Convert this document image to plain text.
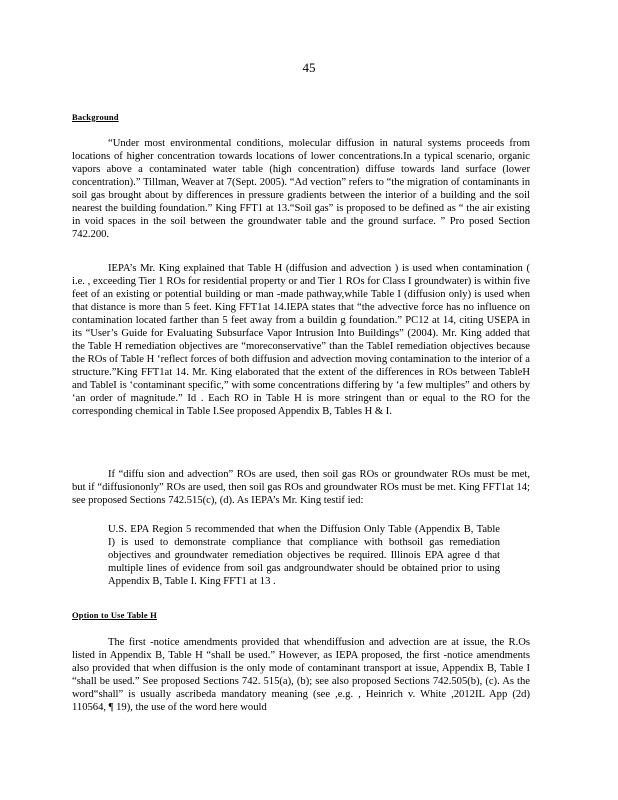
45
Background

“Under most environmental conditions, molecular diffusion in natural systems proceeds from locations of higher concentration towards locations of lower concentrations.In a typical scenario, organic vapors above a contaminated water table (high concentration) diffuse towards land surface (lower concentration).” Tillman, Weaver at 7(Sept. 2005). “Ad vection” refers to “the migration of contaminants in soil gas brought about by differences in pressure gradients between the interior of a building and the soil nearest the building foundation.” King FFT1 at 13.“Soil gas” is proposed to be defined as “ the air existing in void spaces in the soil between the groundwater table and the ground surface. ” Pro posed Section 742.200.

IEPA’s Mr. King explained that Table H (diffusion and advection ) is used when contamination ( i.e. , exceeding Tier 1 ROs for residential property or and Tier 1 ROs for Class I groundwater) is within five feet of an existing or potential building or man -made pathway,while Table I (diffusion only) is used when that distance is more than 5 feet. King FFT1at 14.IEPA states that “the advective force has no influence on contamination located farther than 5 feet away from a buildin g foundation.” PC12 at 14, citing USEPA in its “User’s Guide for Evaluating Subsurface Vapor Intrusion Into Buildings” (2004). Mr. King added that the Table H remediation objectives are “moreconservative” than the TableI remediation objectives because the ROs of Table H ‘reflect forces of both diffusion and advection moving contamination to the interior of a structure.”King FFT1at 14. Mr. King elaborated that the extent of the differences in ROs between TableH and TableI is ‘contaminant specific,” with some concentrations differing by ‘a few multiples” and others by ‘an order of magnitude.” Id . Each RO in Table H is more stringent than or equal to the RO for the corresponding chemical in Table I.See proposed Appendix B, Tables H & I.

If “diffu sion and advection” ROs are used, then soil gas ROs or groundwater ROs must be met, but if “diffusiononly” ROs are used, then soil gas ROs and groundwater ROs must be met. King FFT1at 14; see proposed Sections 742.515(c), (d). As IEPA’s Mr. King testif ied:

U.S. EPA Region 5 recommended that when the Diffusion Only Table (Appendix B, Table I) is used to demonstrate compliance that compliance with bothsoil gas remediation objectives and groundwater remediation objectives be required. Illinois EPA agree d that multiple lines of evidence from soil gas andgroundwater should be obtained prior to using Appendix B, Table I. King FFT1 at 13 .

Option to Use Table H

The first -notice amendments provided that whendiffusion and advection are at issue, the R.Os listed in Appendix B, Table H “shall be used.” However, as IEPA proposed, the first -notice amendments also provided that when diffusion is the only mode of contaminant transport at issue, Appendix B, Table I “shall be used.” See proposed Sections 742. 515(a), (b); see also proposed Sections 742.505(b), (c). As the word“shall” is usually ascribeda mandatory meaning (see ,e.g. , Heinrich v. White ,2012IL App (2d) 110564, ¶ 19), the use of the word here would
